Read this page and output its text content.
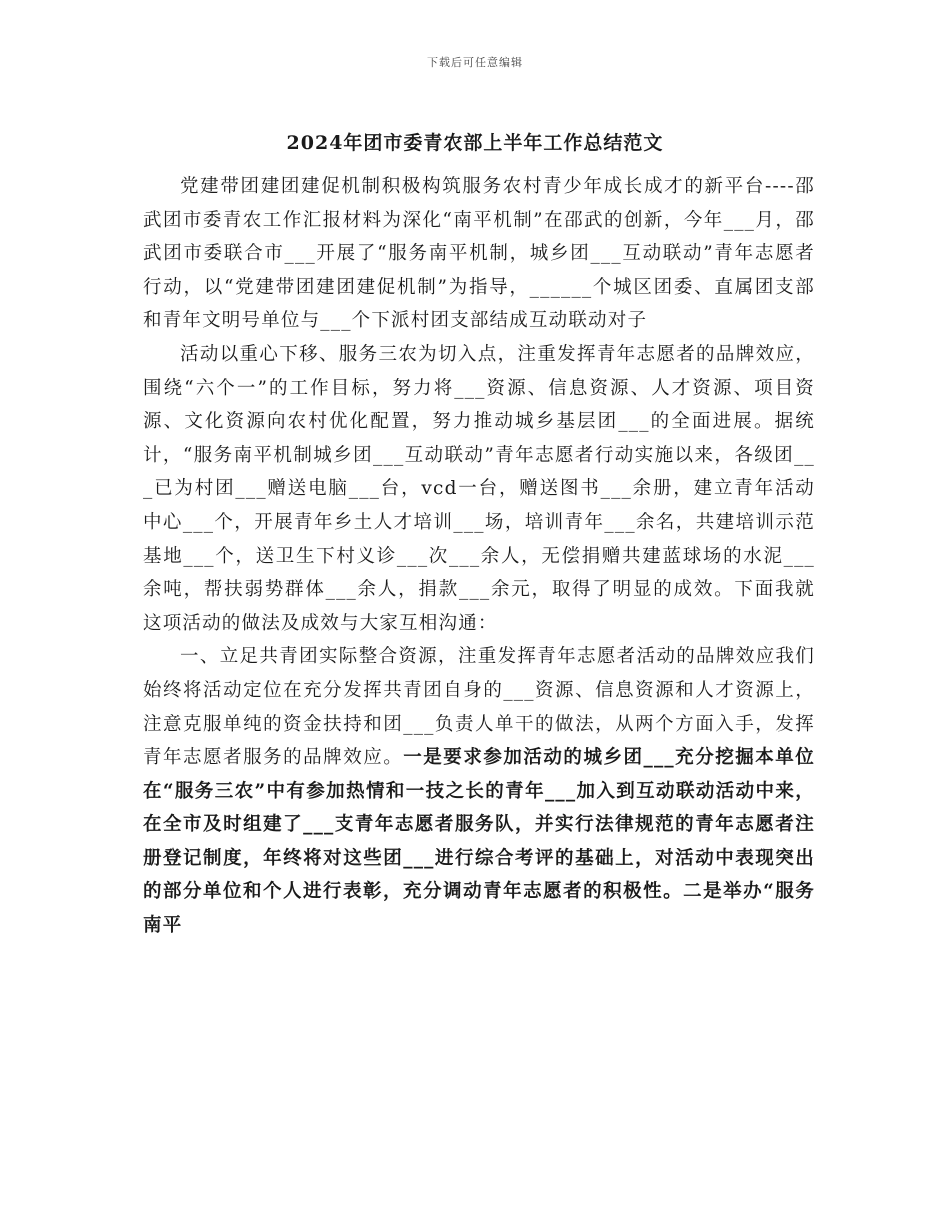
下载后可任意编辑
2024年团市委青农部上半年工作总结范文

党建带团建团建促机制积极构筑服务农村青少年成长成才的新平台----邵武团市委青农工作汇报材料为深化“南平机制”在邵武的创新，今年___月，邵武团市委联合市___开展了“服务南平机制，城乡团___互动联动”青年志愿者行动，以“党建带团建团建促机制”为指导，______个城区团委、直属团支部和青年文明号单位与___个下派村团支部结成互动联动对子

活动以重心下移、服务三农为切入点，注重发挥青年志愿者的品牌效应，围绕“六个一”的工作目标，努力将___资源、信息资源、人才资源、项目资源、文化资源向农村优化配置，努力推动城乡基层团___的全面进展。据统计，“服务南平机制城乡团___互动联动”青年志愿者行动实施以来，各级团___已为村团___赠送电脑___台，vcd一台，赠送图书___余册，建立青年活动中心___个，开展青年乡土人才培训___场，培训青年___余名，共建培训示范基地___个，送卫生下村义诊___次___余人，无偿捐赠共建蓝球场的水泥___余吨，帮扶弱势群体___余人，捐款___余元，取得了明显的成效。下面我就这项活动的做法及成效与大家互相沟通：

一、立足共青团实际整合资源，注重发挥青年志愿者活动的品牌效应我们始终将活动定位在充分发挥共青团自身的___资源、信息资源和人才资源上，注意克服单纯的资金扶持和团___负责人单干的做法，从两个方面入手，发挥青年志愿者服务的品牌效应。一是要求参加活动的城乡团___充分挖掘本单位在“服务三农”中有参加热情和一技之长的青年___加入到互动联动活动中来，在全市及时组建了___支青年志愿者服务队，并实行法律规范的青年志愿者注册登记制度，年终将对这些团___进行综合考评的基础上，对活动中表现突出的部分单位和个人进行表彰，充分调动青年志愿者的积极性。二是举办“服务南平
